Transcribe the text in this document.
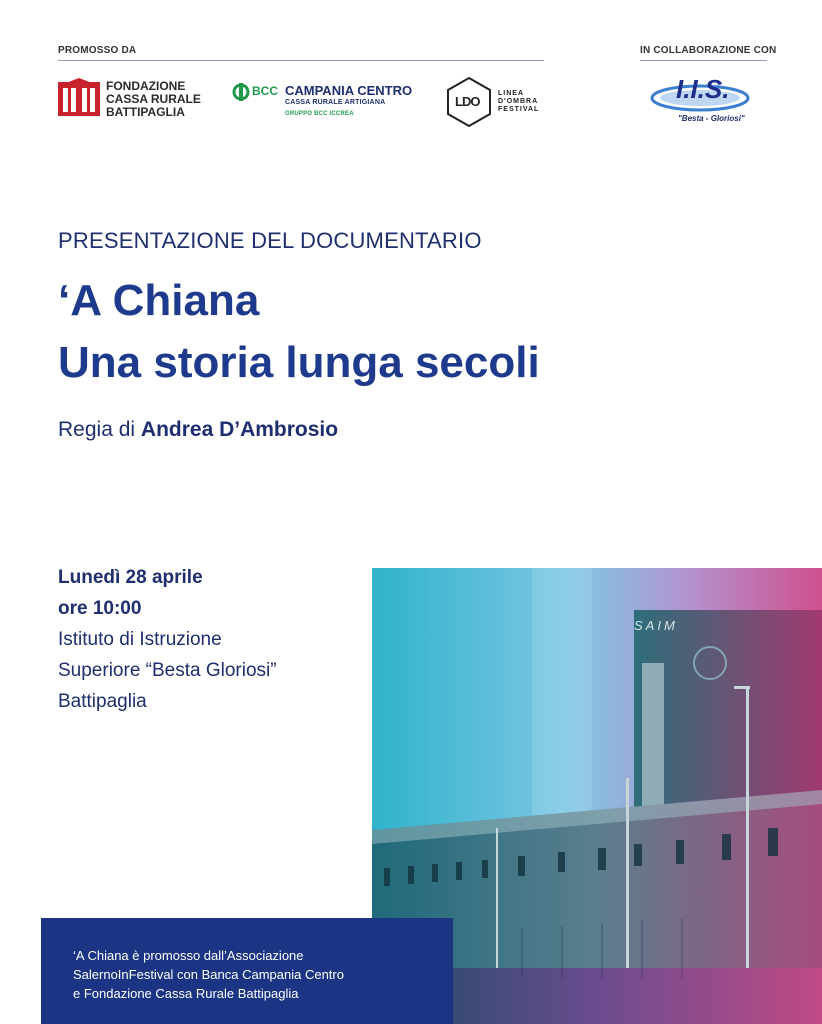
PROMOSSO DA	IN COLLABORAZIONE CON
FONDAZIONE
CASSA RURALE
BATTIPAGLIA
BCC CAMPANIA CENTRO
CASSA RURALE ARTIGIANA
GRUPPO BCC ICCREA
LDO
LINEA
D'OMBRA
FESTIVAL
I.I.S.
"Besta - Gloriosi"
PRESENTAZIONE DEL DOCUMENTARIO
‘A Chiana
Una storia lunga secoli
Regia di Andrea D’Ambrosio
Lunedì 28 aprile
ore 10:00
Istituto di Istruzione
Superiore “Besta Gloriosi”
Battipaglia
SAIM
‘A Chiana è promosso dall’Associazione
SalernoInFestival con Banca Campania Centro
e Fondazione Cassa Rurale Battipaglia
